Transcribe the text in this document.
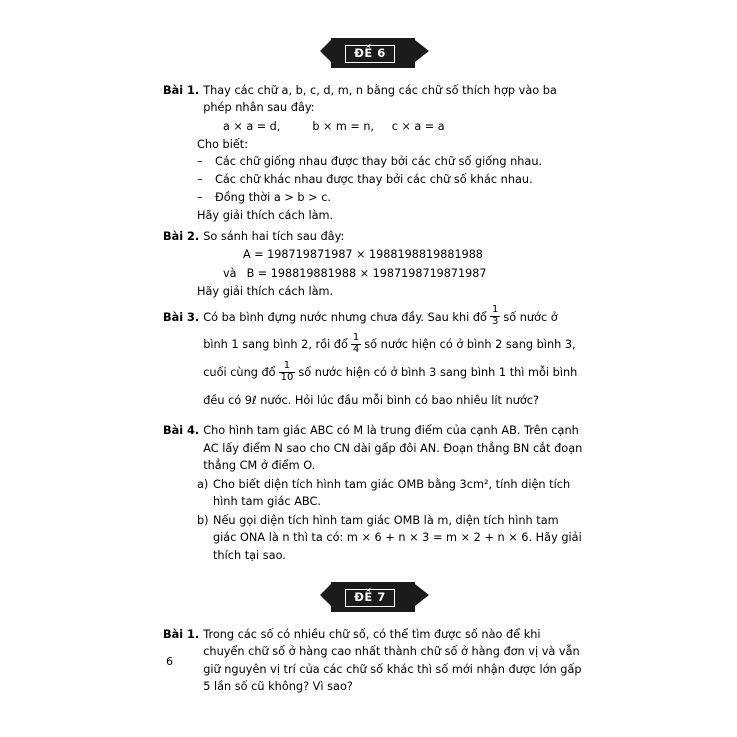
ĐỀ 6
Bài 1. Thay các chữ a, b, c, d, m, n bằng các chữ số thích hợp vào ba phép nhân sau đây:
a × a = d,         b × m = n,     c × a = a
Cho biết:
–	Các chữ giống nhau được thay bởi các chữ số giống nhau.
–	Các chữ khác nhau được thay bởi các chữ số khác nhau.
–	Đồng thời a > b > c.
Hãy giải thích cách làm.
Bài 2. So sánh hai tích sau đây:
A = 198719871987 × 1988198819881988
và B = 198819881988 × 1987198719871987
Hãy giải thích cách làm.
Bài 3. Có ba bình đựng nước nhưng chưa đầy. Sau khi đổ $\frac{1}{3}$ số nước ở bình 1 sang bình 2, rồi đổ $\frac{1}{4}$ số nước hiện có ở bình 2 sang bình 3, cuối cùng đổ $\frac{1}{10}$ số nước hiện có ở bình 3 sang bình 1 thì mỗi bình đều có 9ℓ nước. Hỏi lúc đầu mỗi bình có bao nhiêu lít nước?
Bài 4. Cho hình tam giác ABC có M là trung điểm của cạnh AB. Trên cạnh AC lấy điểm N sao cho CN dài gấp đôi AN. Đoạn thẳng BN cắt đoạn thẳng CM ở điểm O.
a) Cho biết diện tích hình tam giác OMB bằng 3cm², tính diện tích hình tam giác ABC.
b) Nếu gọi diện tích hình tam giác OMB là m, diện tích hình tam giác ONA là n thì ta có: m × 6 + n × 3 = m × 2 + n × 6. Hãy giải thích tại sao.
ĐỀ 7
Bài 1. Trong các số có nhiều chữ số, có thể tìm được số nào để khi chuyển chữ số ở hàng cao nhất thành chữ số ở hàng đơn vị và vẫn giữ nguyên vị trí của các chữ số khác thì số mới nhận được lớn gấp 5 lần số cũ không? Vì sao?
6
